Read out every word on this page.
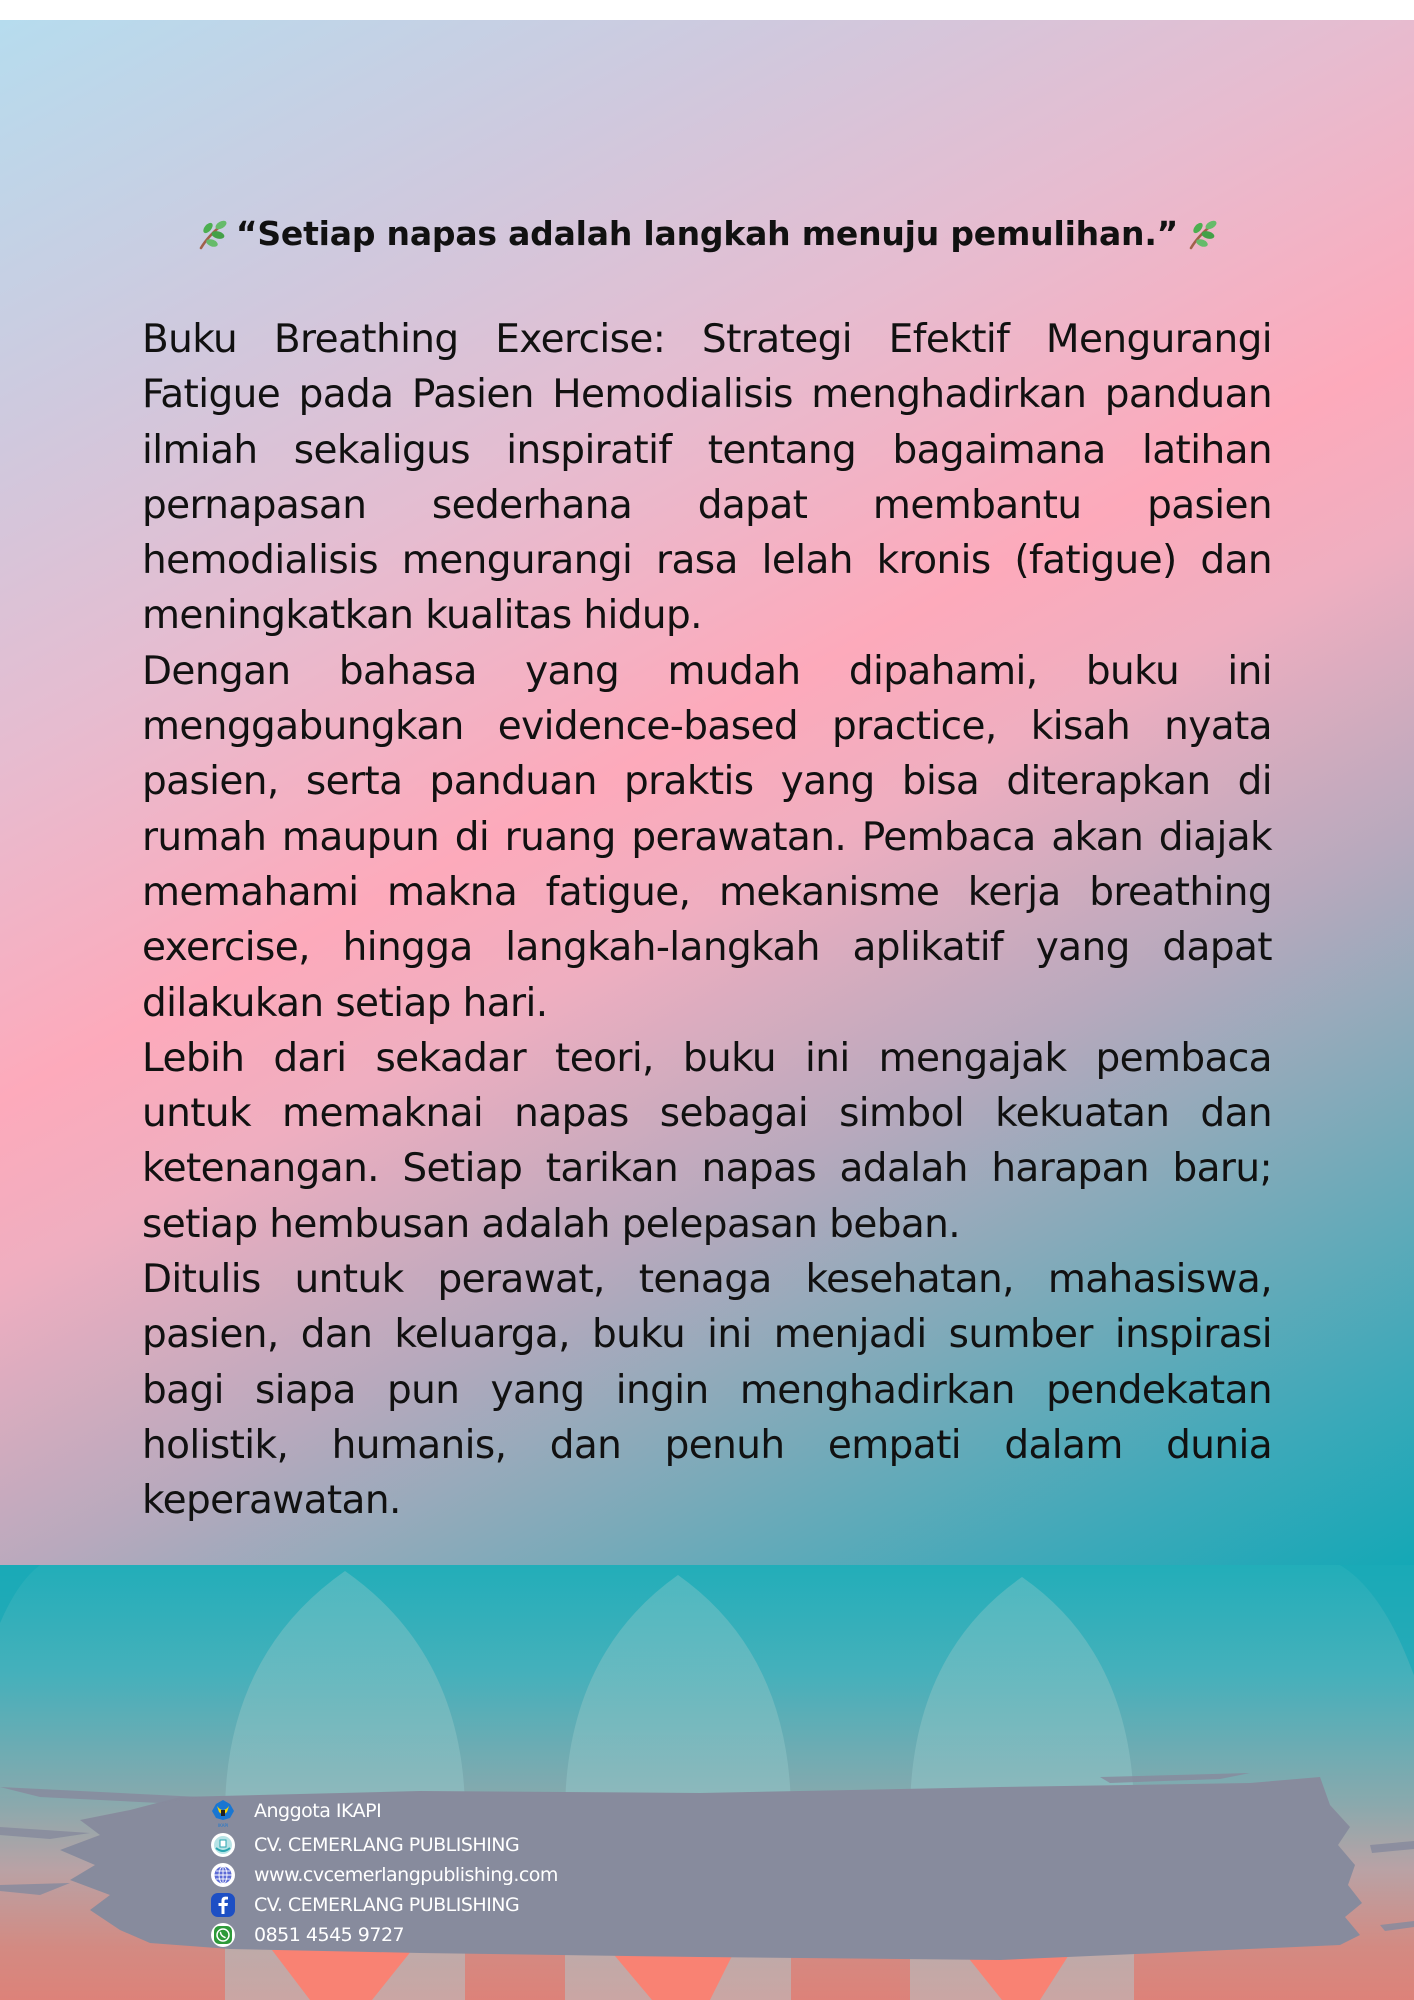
“Setiap napas adalah langkah menuju pemulihan.”

Buku Breathing Exercise: Strategi Efektif Mengurangi Fatigue pada Pasien Hemodialisis menghadirkan panduan ilmiah sekaligus inspiratif tentang bagaimana latihan pernapasan sederhana dapat membantu pasien hemodialisis mengurangi rasa lelah kronis (fatigue) dan meningkatkan kualitas hidup.

Dengan bahasa yang mudah dipahami, buku ini menggabungkan evidence-based practice, kisah nyata pasien, serta panduan praktis yang bisa diterapkan di rumah maupun di ruang perawatan. Pembaca akan diajak memahami makna fatigue, mekanisme kerja breathing exercise, hingga langkah-langkah aplikatif yang dapat dilakukan setiap hari.

Lebih dari sekadar teori, buku ini mengajak pembaca untuk memaknai napas sebagai simbol kekuatan dan ketenangan. Setiap tarikan napas adalah harapan baru; setiap hembusan adalah pelepasan beban.

Ditulis untuk perawat, tenaga kesehatan, mahasiswa, pasien, dan keluarga, buku ini menjadi sumber inspirasi bagi siapa pun yang ingin menghadirkan pendekatan holistik, humanis, dan penuh empati dalam dunia keperawatan.

IKAPI
Anggota IKAPI
CV. CEMERLANG PUBLISHING
www.cvcemerlangpublishing.com
CV. CEMERLANG PUBLISHING
0851 4545 9727
